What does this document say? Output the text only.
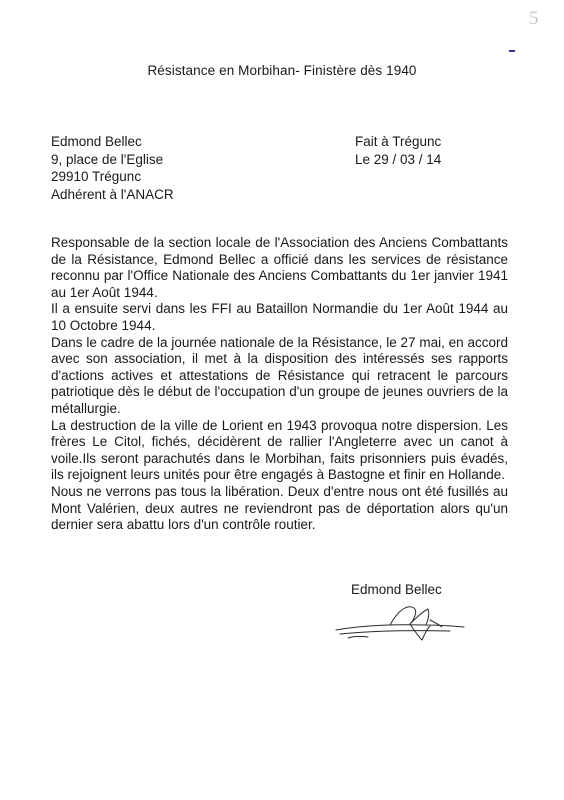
5
Résistance en Morbihan- Finistère dès 1940
Edmond Bellec
9, place de l'Eglise
29910 Trégunc
Adhérent à l'ANACR
Fait à Trégunc
Le 29 / 03 / 14

Responsable de la section locale de l'Association des Anciens Combattants de la Résistance, Edmond Bellec a officié dans les services de résistance reconnu par l'Office Nationale des Anciens Combattants du 1er janvier 1941 au 1er Août 1944.

Il a ensuite servi dans les FFI au Bataillon Normandie du 1er Août 1944 au 10 Octobre 1944.

Dans le cadre de la journée nationale de la Résistance, le 27 mai, en accord avec son association, il met à la disposition des intéressés ses rapports d'actions actives et attestations de Résistance qui retracent le parcours patriotique dès le début de l'occupation d'un groupe de jeunes ouvriers de la métallurgie.

La destruction de la ville de Lorient en 1943 provoqua notre dispersion. Les frères Le Citol, fichés, décidèrent de rallier l'Angleterre avec un canot à voile.Ils seront parachutés dans le Morbihan, faits prisonniers puis évadés, ils rejoignent leurs unités pour être engagés à Bastogne et finir en Hollande.

Nous ne verrons pas tous la libération. Deux d'entre nous ont été fusillés au Mont Valérien, deux autres ne reviendront pas de déportation alors qu'un dernier sera abattu lors d'un contrôle routier.

Edmond Bellec
